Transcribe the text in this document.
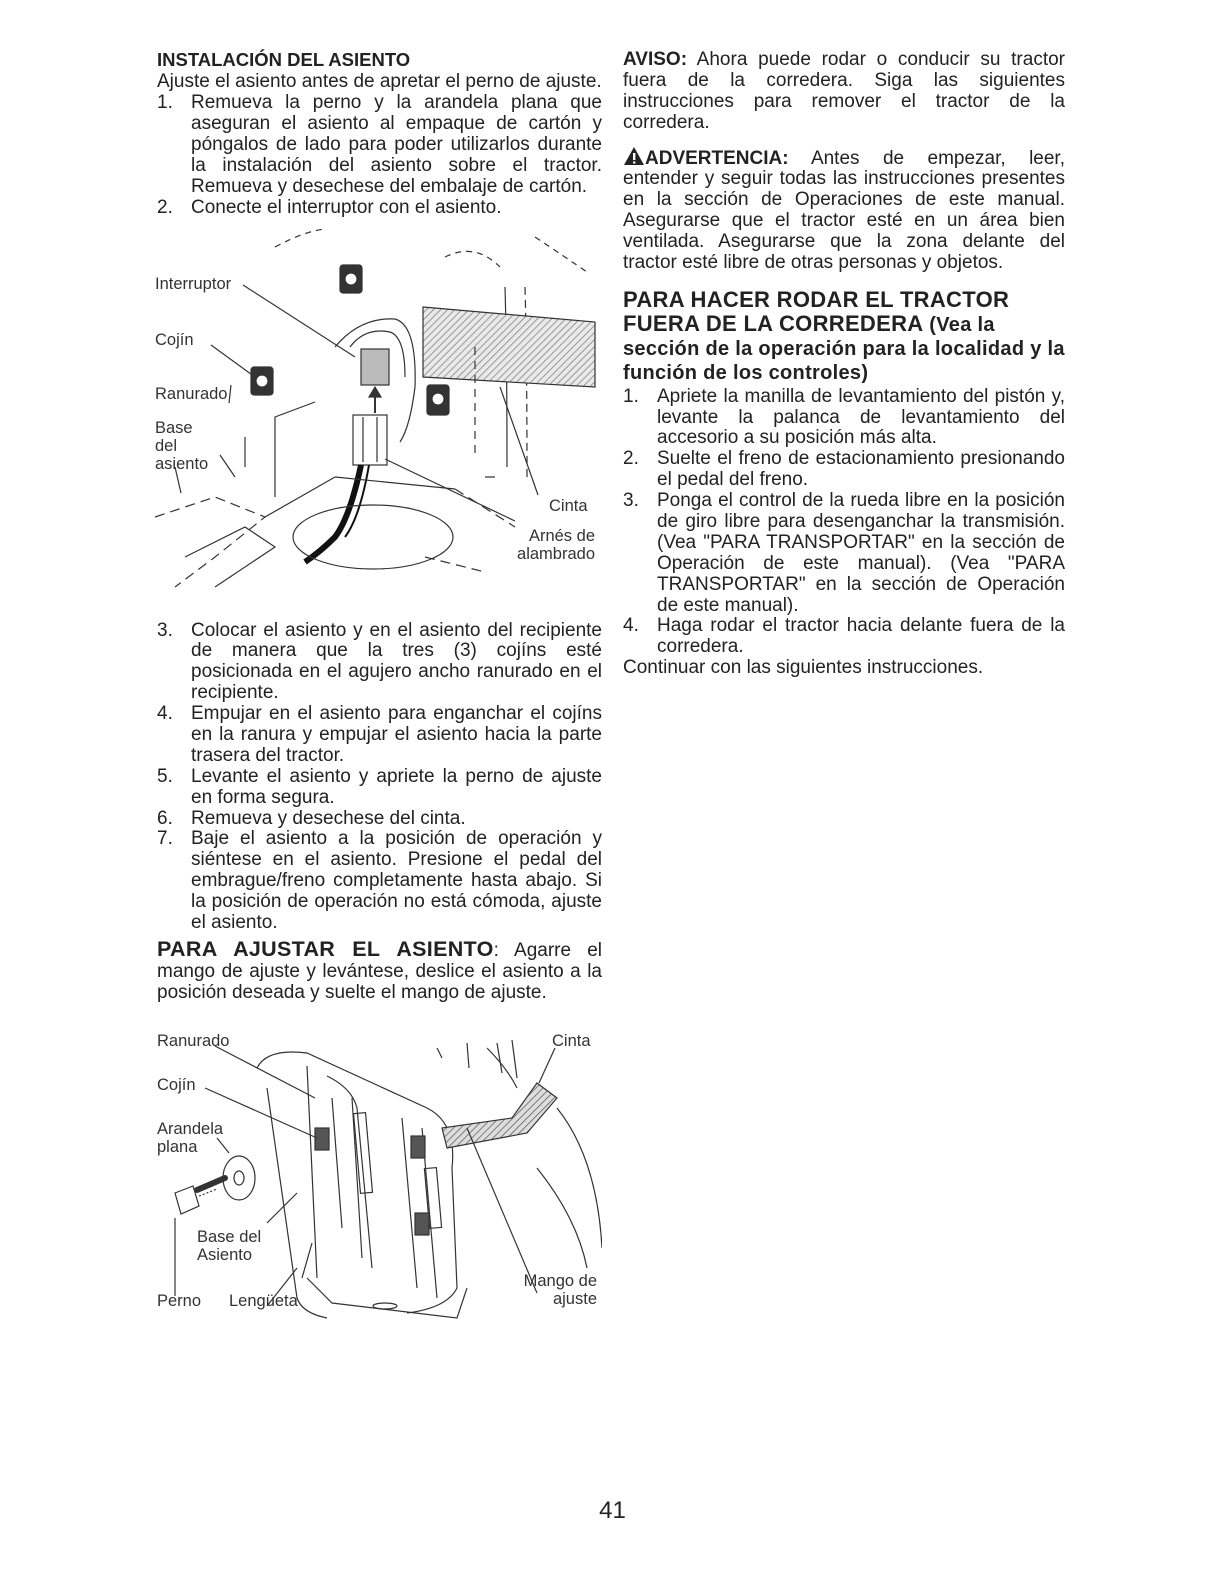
INSTALACIÓN DEL ASIENTO

Ajuste el asiento antes de apretar el perno de ajuste.

1. Remueva la perno y la arandela plana que aseguran el asiento al empaque de cartón y póngalos de lado para poder utilizarlos durante la instalación del asiento sobre el tractor. Remueva y desechese del embalaje de cartón.
2. Conecte el interruptor con el asiento.
Interruptor
Cojín
Ranurado
Base
del
asiento
Cinta
Arnés de
alambrado
3. Colocar el asiento y en el asiento del recipiente de manera que la tres (3) cojíns esté posicionada en el agujero ancho ranurado en el recipiente.
4. Empujar en el asiento para enganchar el cojíns en la ranura y empujar el asiento hacia la parte trasera del tractor.
5. Levante el asiento y apriete la perno de ajuste en forma segura.
6. Remueva y desechese del cinta.
7. Baje el asiento a la posición de operación y siéntese en el asiento. Presione el pedal del embrague/freno completamente hasta abajo. Si la posición de operación no está cómoda, ajuste el asiento.

PARA AJUSTAR EL ASIENTO: Agarre el mango de ajuste y levántese, deslice el asiento a la posición deseada y suelte el mango de ajuste.

Ranurado	Cinta
Cojín
Arandela
plana
Base del
Asiento
Mango de
ajuste
Perno Lengüeta

AVISO: Ahora puede rodar o conducir su tractor fuera de la corredera. Siga las siguientes instrucciones para remover el tractor de la corredera.

ADVERTENCIA: Antes de empezar, leer, entender y seguir todas las instrucciones presentes en la sección de Operaciones de este manual. Asegurarse que el tractor esté en un área bien ventilada. Asegurarse que la zona delante del tractor esté libre de otras personas y objetos.

PARA HACER RODAR EL TRACTOR FUERA DE LA CORREDERA (Vea la sección de la operación para la localidad y la función de los controles)
1. Apriete la manilla de levantamiento del pistón y, levante la palanca de levantamiento del accesorio a su posición más alta.
2. Suelte el freno de estacionamiento presionando el pedal del freno.
3. Ponga el control de la rueda libre en la posición de giro libre para desenganchar la transmisión. (Vea "PARA TRANSPORTAR" en la sección de Operación de este manual). (Vea "PARA TRANSPORTAR" en la sección de Operación de este manual).
4. Haga rodar el tractor hacia delante fuera de la corredera.

Continuar con las siguientes instrucciones.

41
